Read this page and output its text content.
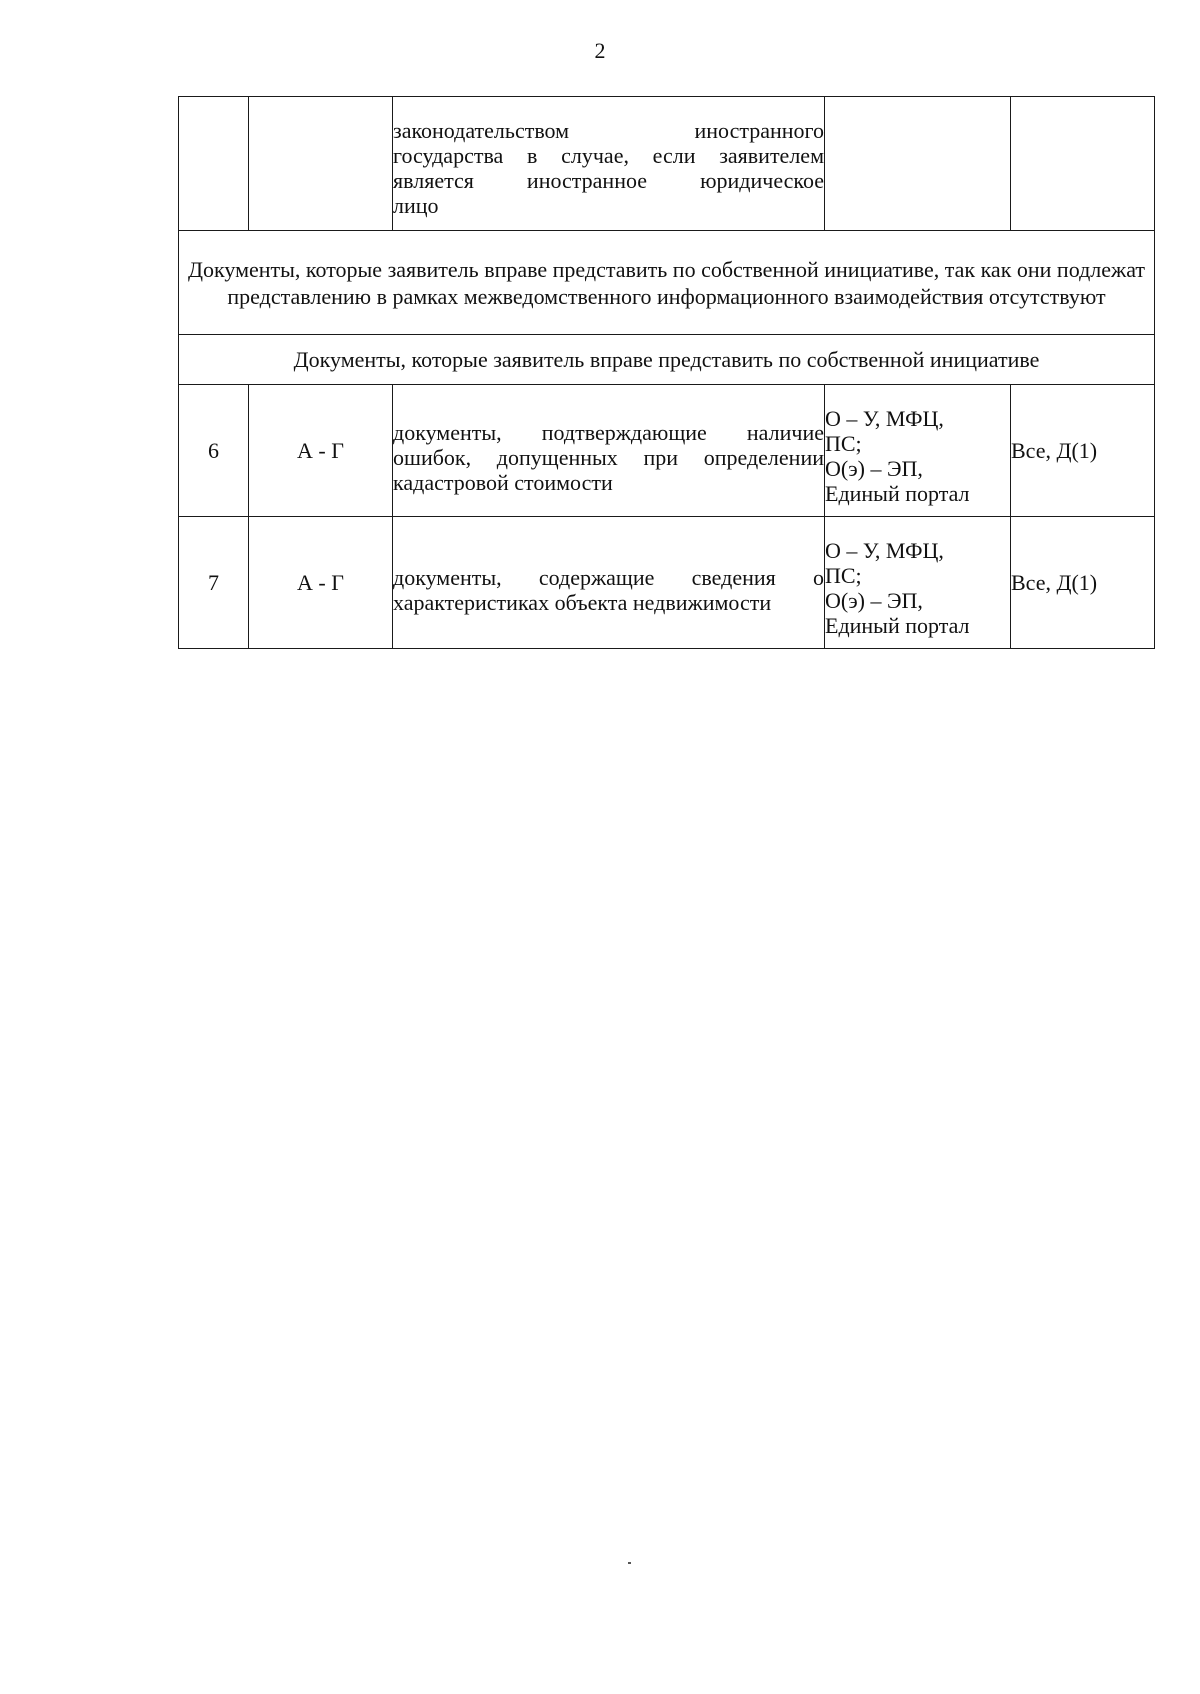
2

		законодательством иностранного
государства в случае, если заявителем
является иностранное юридическое
лицо		

Документы, которые заявитель вправе представить по собственной инициативе, так как они подлежат представлению в рамках межведомственного информационного взаимодействия отсутствуют				
Документы, которые заявитель вправе представить по собственной инициативе				
6	А - Г	документы, подтверждающие наличие ошибок, допущенных при определении кадастровой стоимости	О – У, МФЦ,
ПС;
О(э) – ЭП,
Единый портал	Все, Д(1)
7	А - Г	документы, содержащие сведения о характеристиках объекта недвижимости	О – У, МФЦ,
ПС;
О(э) – ЭП,
Единый портал	Все, Д(1)
